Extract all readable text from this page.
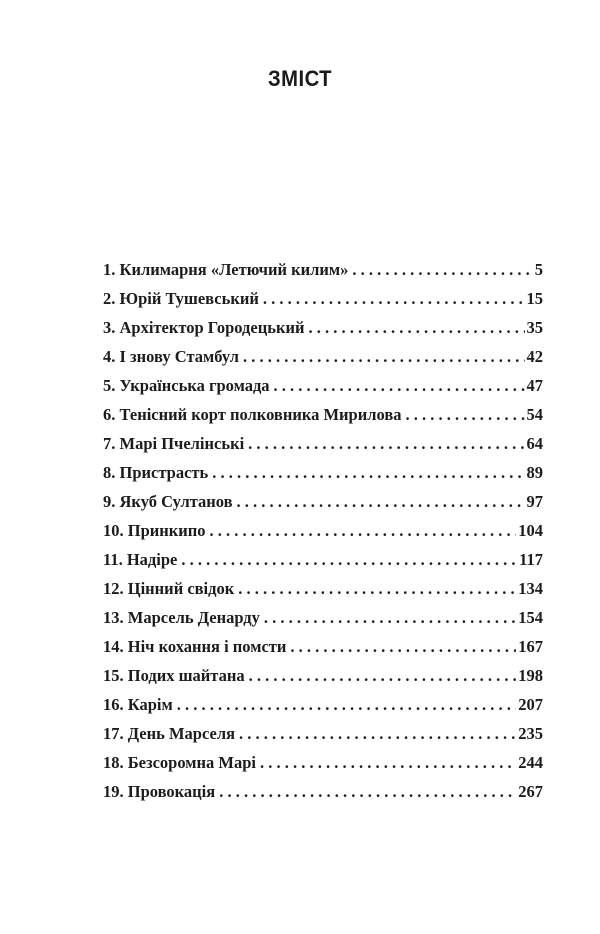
ЗМІСТ
1. Килимарня «Летючий килим» . . .	5
2. Юрій Тушевський . . .	15
3. Архітектор Городецький . . .	35
4. І знову Стамбул . . .	42
5. Українська громада . . .	47
6. Тенісний корт полковника Мирилова . . .	54
7. Марі Пчелінські . . .	64
8. Пристрасть . . .	89
9. Якуб Султанов . . .	97
10. Принкипо . . .	104
11. Надіре . . .	117
12. Цінний свідок . . .	134
13. Марсель Денарду . . .	154
14. Ніч кохання і помсти . . .	167
15. Подих шайтана . . .	198
16. Карім . . .	207
17. День Марселя . . .	235
18. Безсоромна Марі . . .	244
19. Провокація . . .	267
